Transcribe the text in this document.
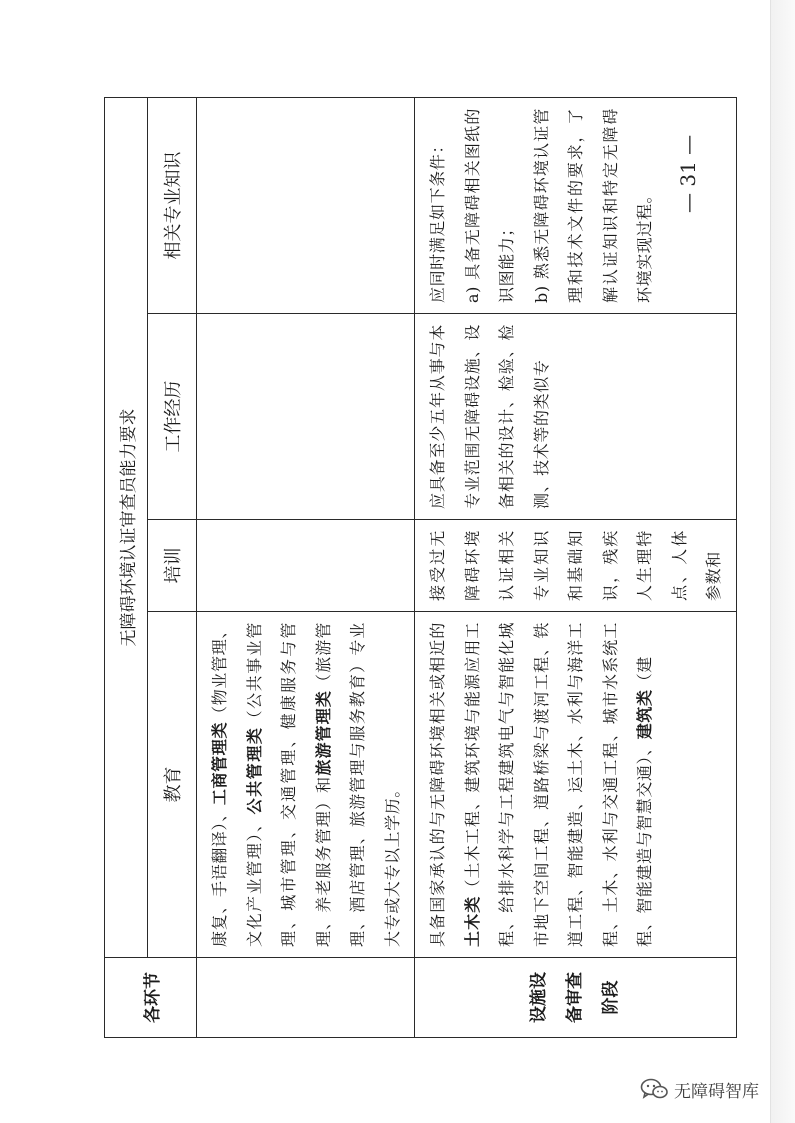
各环节	无障碍环境认证审查员能力要求			
	教育	培训	工作经历	相关专业知识
	康复、手语翻译）、工商管理类（物业管理、文化产业管理）、公共管理类（公共事业管理、城市管理、交通管理、健康服务与管理、养老服务管理）和旅游管理类（旅游管理、酒店管理、旅游管理与服务教育）专业大专或大专以上学历。			

设施设 备审查 阶段	具备国家承认的与无障碍环境相关或相近的 土木类（土木工程、建筑环境与能源应用工程、给排水科学与工程建筑电气与智能化城市地下空间工程、道路桥梁与渡河工程、铁道工程、智能建造、运土木、水利与海洋工程、土木、水利与交通工程、城市水系统工程、智能建造与智慧交通）、建筑类（建	接受过无障碍环境认证相关专业知识和基础知识，残疾人生理特点、人体参数和	应具备至少五年从事与本专业范围无障碍设施、设备相关的设计、检验、检测、技术等的类似专	应同时满足如下条件： a) 具备无障碍相关图纸的识图能力； b) 熟悉无障碍环境认证管理和技术文件的要求，了解认证知识和特定无障碍环境实现过程。
— 31 —
无障碍智库
